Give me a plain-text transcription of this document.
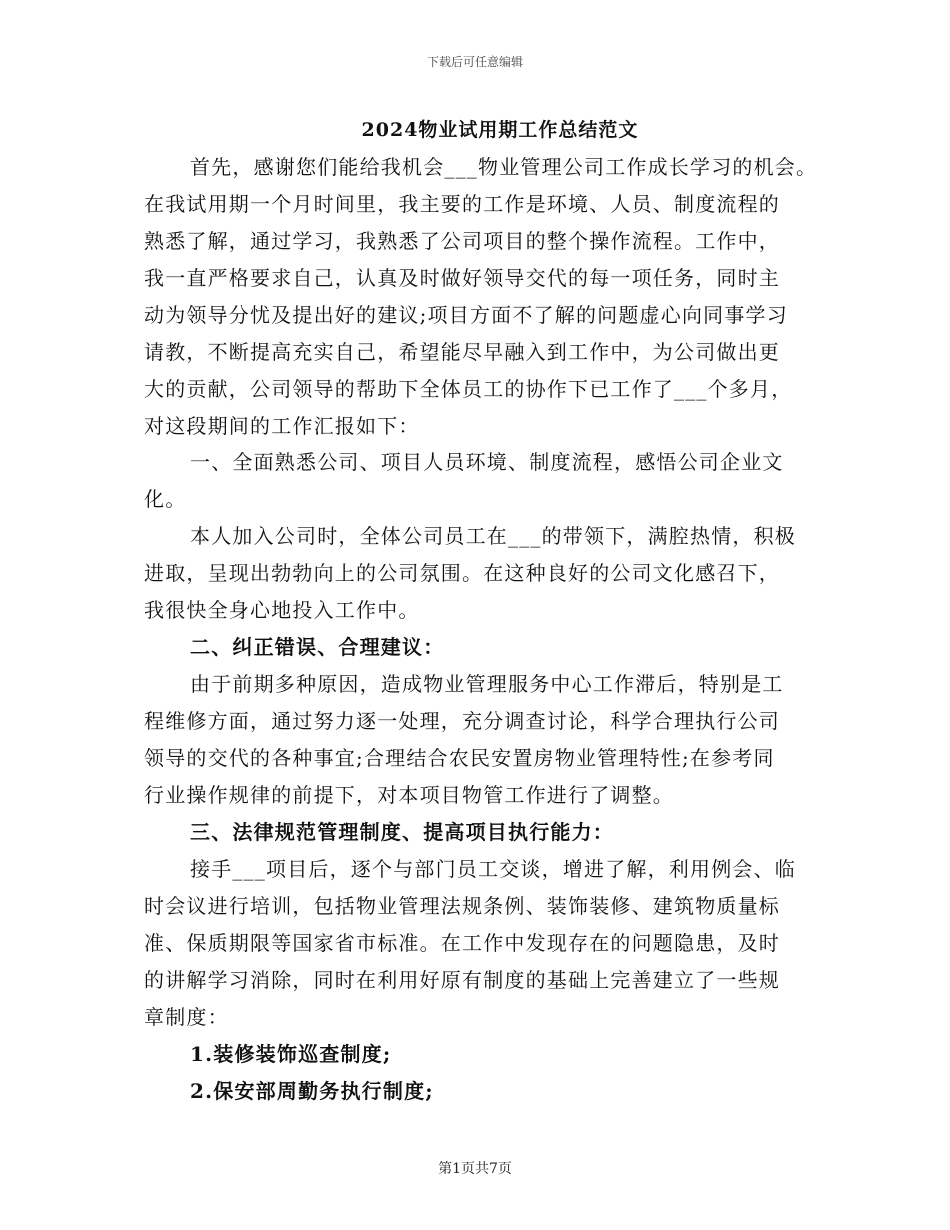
下载后可任意编辑
2024物业试用期工作总结范文
首先，感谢您们能给我机会___物业管理公司工作成长学习的机会。
在我试用期一个月时间里，我主要的工作是环境、人员、制度流程的
熟悉了解，通过学习，我熟悉了公司项目的整个操作流程。工作中，
我一直严格要求自己，认真及时做好领导交代的每一项任务，同时主
动为领导分忧及提出好的建议;项目方面不了解的问题虚心向同事学习
请教，不断提高充实自己，希望能尽早融入到工作中，为公司做出更
大的贡献，公司领导的帮助下全体员工的协作下已工作了___个多月，
对这段期间的工作汇报如下：
一、全面熟悉公司、项目人员环境、制度流程，感悟公司企业文
化。
本人加入公司时，全体公司员工在___的带领下，满腔热情，积极
进取，呈现出勃勃向上的公司氛围。在这种良好的公司文化感召下，
我很快全身心地投入工作中。
二、纠正错误、合理建议：
由于前期多种原因，造成物业管理服务中心工作滞后，特别是工
程维修方面，通过努力逐一处理，充分调查讨论，科学合理执行公司
领导的交代的各种事宜;合理结合农民安置房物业管理特性;在参考同
行业操作规律的前提下，对本项目物管工作进行了调整。
三、法律规范管理制度、提高项目执行能力：
接手___项目后，逐个与部门员工交谈，增进了解，利用例会、临
时会议进行培训，包括物业管理法规条例、装饰装修、建筑物质量标
准、保质期限等国家省市标准。在工作中发现存在的问题隐患，及时
的讲解学习消除，同时在利用好原有制度的基础上完善建立了一些规
章制度：
1.装修装饰巡查制度;
2.保安部周勤务执行制度;
第1页共7页
